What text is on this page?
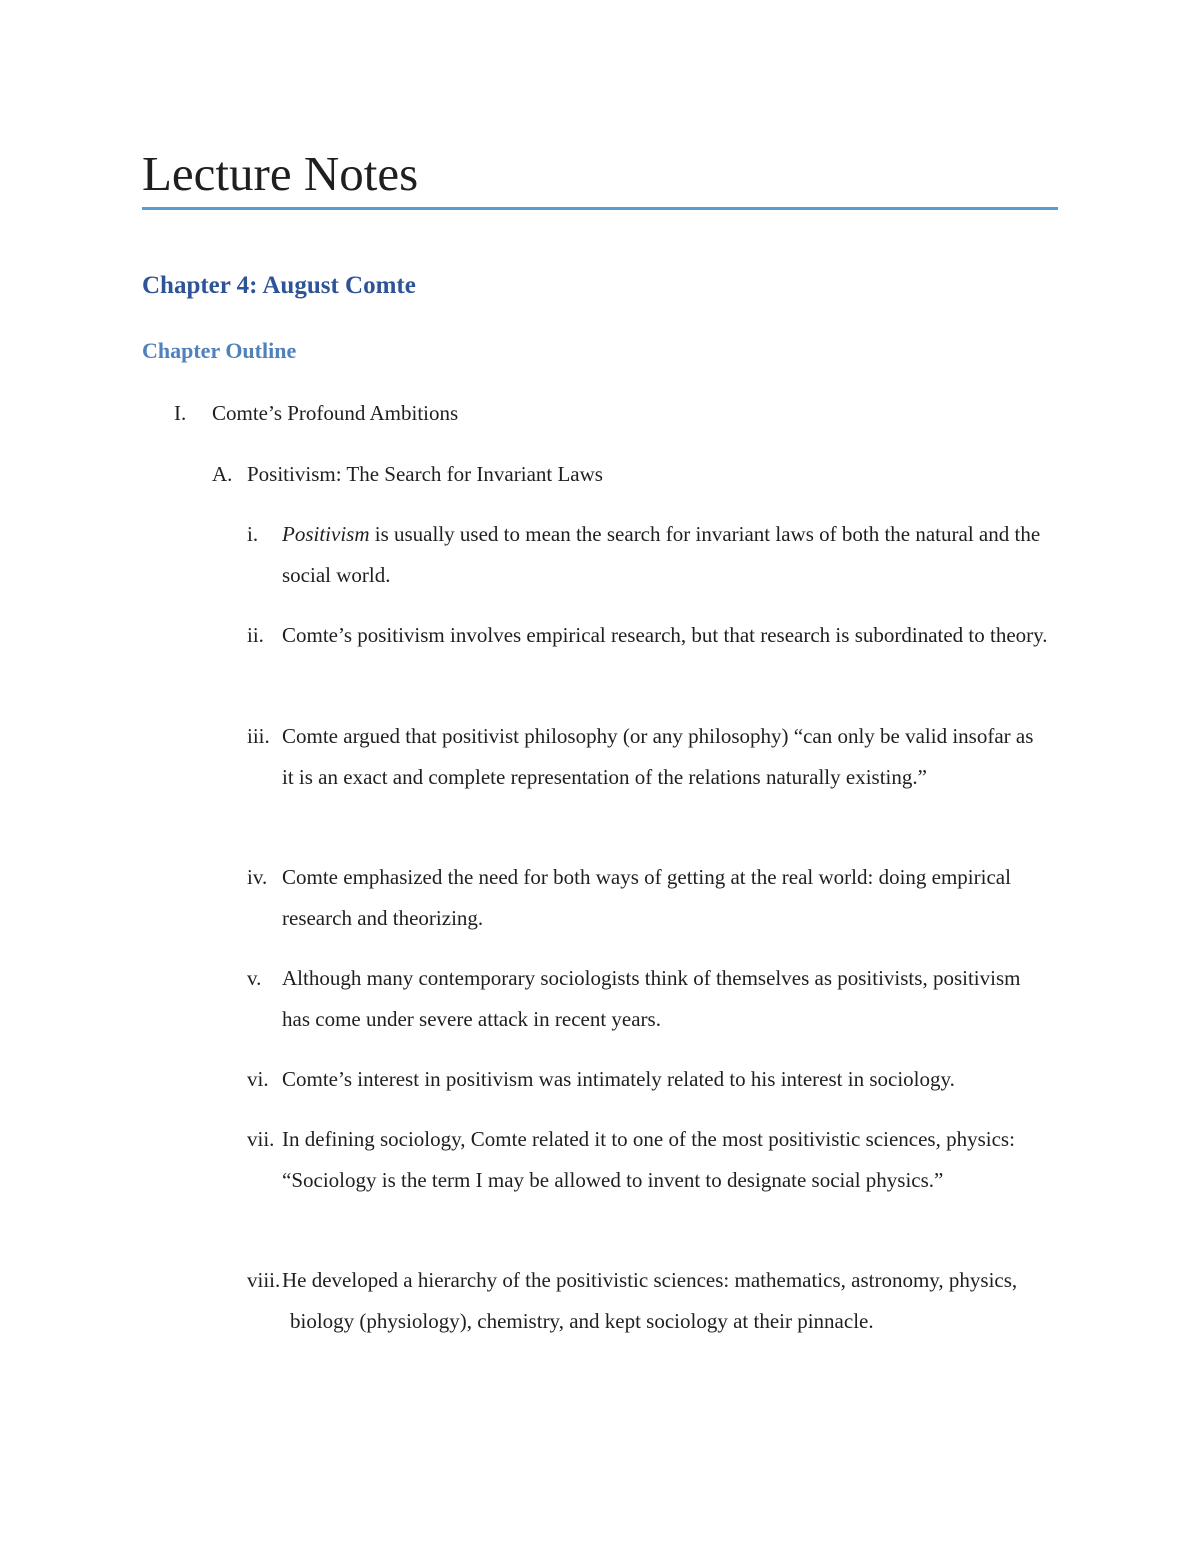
Lecture Notes
Chapter 4: August Comte
Chapter Outline
I. Comte’s Profound Ambitions
A. Positivism: The Search for Invariant Laws
i. Positivism is usually used to mean the search for invariant laws of both the natural and the social world.
ii. Comte’s positivism involves empirical research, but that research is subordinated to theory.
iii. Comte argued that positivist philosophy (or any philosophy) “can only be valid insofar as it is an exact and complete representation of the relations naturally existing.”
iv. Comte emphasized the need for both ways of getting at the real world: doing empirical research and theorizing.
v. Although many contemporary sociologists think of themselves as positivists, positivism has come under severe attack in recent years.
vi. Comte’s interest in positivism was intimately related to his interest in sociology.
vii. In defining sociology, Comte related it to one of the most positivistic sciences, physics: “Sociology is the term I may be allowed to invent to designate social physics.”
viii. He developed a hierarchy of the positivistic sciences: mathematics, astronomy, physics, biology (physiology), chemistry, and kept sociology at their pinnacle.
